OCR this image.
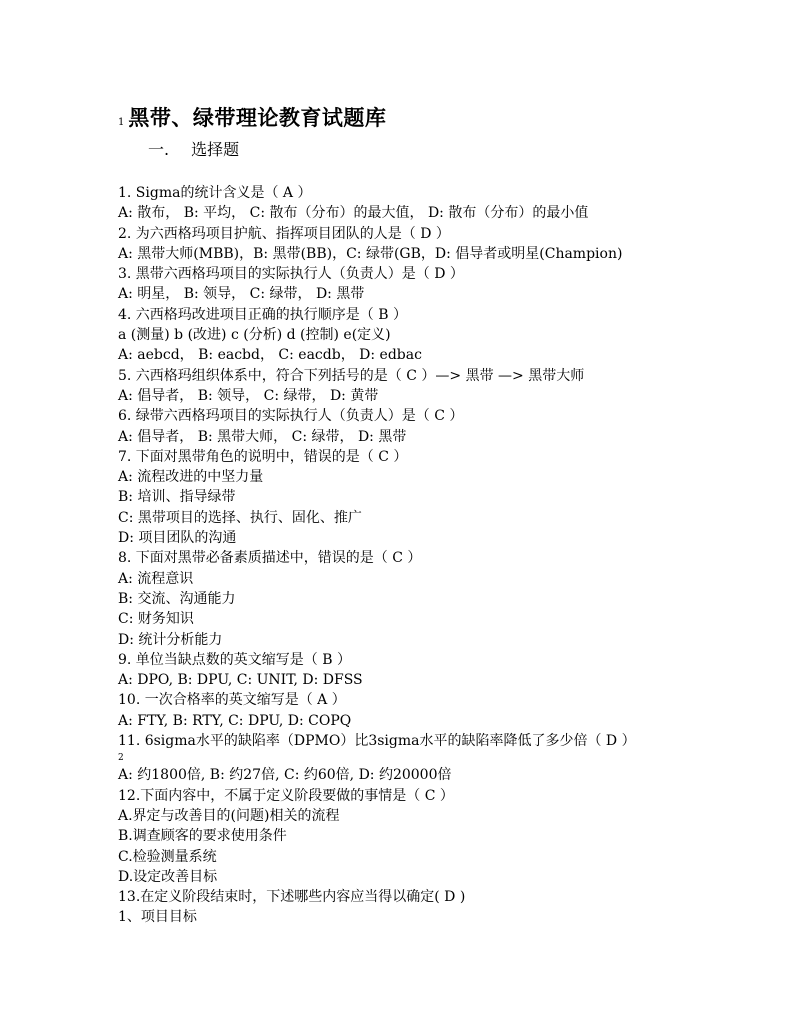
1 黑带、绿带理论教育试题库
一. 选择题
1. Sigma的统计含义是（ A ）
A: 散布， B: 平均， C: 散布（分布）的最大值， D: 散布（分布）的最小值
2. 为六西格玛项目护航、指挥项目团队的人是（ D ）
A: 黑带大师(MBB)，B: 黑带(BB)，C: 绿带(GB，D: 倡导者或明星(Champion)
3. 黑带六西格玛项目的实际执行人（负责人）是（ D ）
A: 明星， B: 领导， C: 绿带， D: 黑带
4. 六西格玛改进项目正确的执行顺序是（ B ）
a (测量) b (改进) c (分析) d (控制) e(定义)
A: aebcd， B: eacbd， C: eacdb， D: edbac
5. 六西格玛组织体系中，符合下列括号的是（ C ）—> 黑带 —> 黑带大师
A: 倡导者， B: 领导， C: 绿带， D: 黄带
6. 绿带六西格玛项目的实际执行人（负责人）是（ C ）
A: 倡导者， B: 黑带大师， C: 绿带， D: 黑带
7. 下面对黑带角色的说明中，错误的是（ C ）
A: 流程改进的中坚力量
B: 培训、指导绿带
C: 黑带项目的选择、执行、固化、推广
D: 项目团队的沟通
8. 下面对黑带必备素质描述中，错误的是（ C ）
A: 流程意识
B: 交流、沟通能力
C: 财务知识
D: 统计分析能力
9. 单位当缺点数的英文缩写是（ B ）
A: DPO, B: DPU, C: UNIT, D: DFSS
10. 一次合格率的英文缩写是（ A ）
A: FTY, B: RTY, C: DPU, D: COPQ
11. 6sigma水平的缺陷率（DPMO）比3sigma水平的缺陷率降低了多少倍（ D ）
2
A: 约1800倍, B: 约27倍, C: 约60倍, D: 约20000倍
12.下面内容中，不属于定义阶段要做的事情是（ C ）
A.界定与改善目的(问题)相关的流程
B.调查顾客的要求使用条件
C.检验测量系统
D.设定改善目标
13.在定义阶段结束时，下述哪些内容应当得以确定( D )
1、项目目标
